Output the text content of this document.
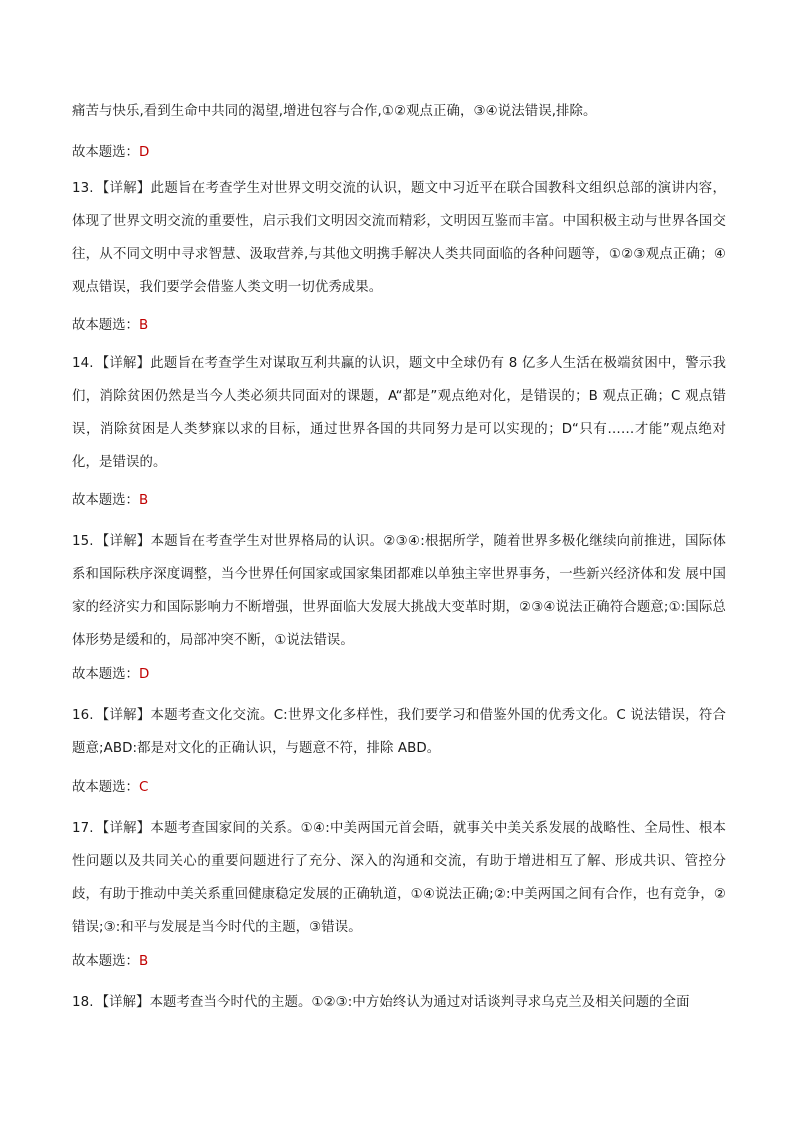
痛苦与快乐,看到生命中共同的渴望,增进包容与合作,①②观点正确，③④说法错误,排除。

故本题选：D

13. 【详解】此题旨在考查学生对世界文明交流的认识，题文中习近平在联合国教科文组织总部的演讲内容，体现了世界文明交流的重要性，启示我们文明因交流而精彩，文明因互鉴而丰富。中国积极主动与世界各国交往，从不同文明中寻求智慧、汲取营养,与其他文明携手解决人类共同面临的各种问题等，①②③观点正确；④观点错误，我们要学会借鉴人类文明一切优秀成果。

故本题选：B

14. 【详解】此题旨在考查学生对谋取互利共赢的认识，题文中全球仍有 8 亿多人生活在极端贫困中，警示我们，消除贫困仍然是当今人类必须共同面对的课题，A“都是”观点绝对化，是错误的；B 观点正确；C 观点错误，消除贫困是人类梦寐以求的目标，通过世界各国的共同努力是可以实现的；D“只有……才能”观点绝对化，是错误的。

故本题选：B

15. 【详解】本题旨在考查学生对世界格局的认识。②③④:根据所学，随着世界多极化继续向前推进，国际体系和国际秩序深度调整，当今世界任何国家或国家集团都难以单独主宰世界事务，一些新兴经济体和发 展中国家的经济实力和国际影响力不断增强，世界面临大发展大挑战大变革时期，②③④说法正确符合题意;①:国际总体形势是缓和的，局部冲突不断，①说法错误。

故本题选：D

16. 【详解】本题考查文化交流。C:世界文化多样性，我们要学习和借鉴外国的优秀文化。C 说法错误，符合题意;ABD:都是对文化的正确认识，与题意不符，排除 ABD。

故本题选：C

17. 【详解】本题考查国家间的关系。①④:中美两国元首会晤，就事关中美关系发展的战略性、全局性、根本性问题以及共同关心的重要问题进行了充分、深入的沟通和交流，有助于增进相互了解、形成共识、管控分歧，有助于推动中美关系重回健康稳定发展的正确轨道，①④说法正确;②:中美两国之间有合作，也有竞争，②错误;③:和平与发展是当今时代的主题，③错误。

故本题选：B

18. 【详解】本题考查当今时代的主题。①②③:中方始终认为通过对话谈判寻求乌克兰及相关问题的全面
